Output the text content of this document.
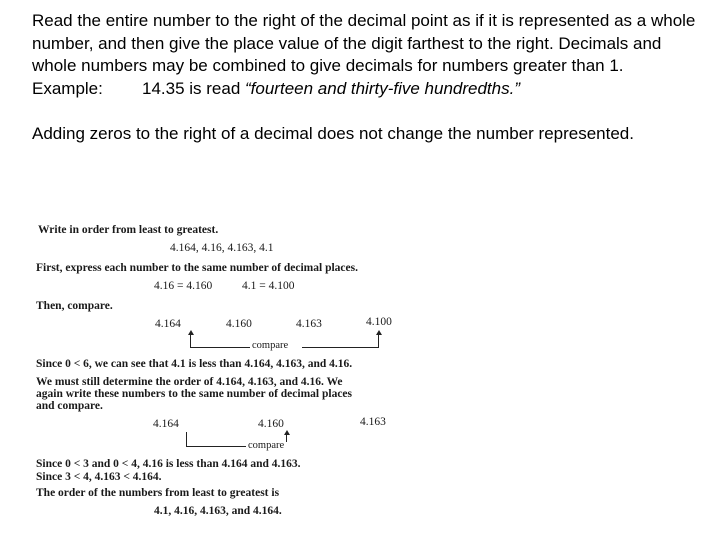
Read the entire number to the right of the decimal point as if it is represented as a whole number, and then give the place value of the digit farthest to the right. Decimals and whole numbers may be combined to give decimals for numbers greater than 1.

Example:	14.35 is read “fourteen and thirty-five hundredths.”

Adding zeros to the right of a decimal does not change the number represented.

Write in order from least to greatest.
4.164, 4.16, 4.163, 4.1
First, express each number to the same number of decimal places.
4.16 = 4.160	4.1 = 4.100
Then, compare.
4.164	4.160	4.163	4.100
compare
Since 0 < 6, we can see that 4.1 is less than 4.164, 4.163, and 4.16.
We must still determine the order of 4.164, 4.163, and 4.16. We
again write these numbers to the same number of decimal places
and compare.
4.164	4.160	4.163
compare
Since 0 < 3 and 0 < 4, 4.16 is less than 4.164 and 4.163.
Since 3 < 4, 4.163 < 4.164.
The order of the numbers from least to greatest is
4.1, 4.16, 4.163, and 4.164.
